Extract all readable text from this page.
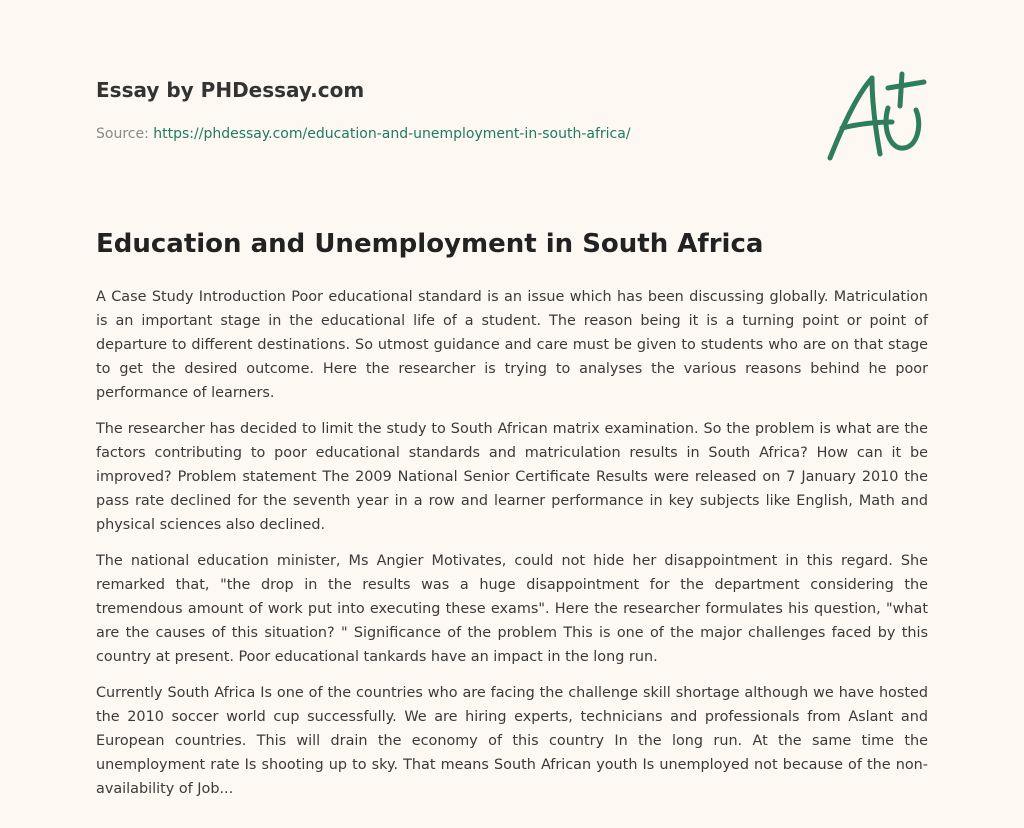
Essay by PHDessay.com
Source: https://phdessay.com/education-and-unemployment-in-south-africa/
Education and Unemployment in South Africa

A Case Study Introduction Poor educational standard is an issue which has been discussing globally. Matriculation is an important stage in the educational life of a student. The reason being it is a turning point or point of departure to different destinations. So utmost guidance and care must be given to students who are on that stage to get the desired outcome. Here the researcher is trying to analyses the various reasons behind he poor performance of learners.

The researcher has decided to limit the study to South African matrix examination. So the problem is what are the factors contributing to poor educational standards and matriculation results in South Africa? How can it be improved? Problem statement The 2009 National Senior Certificate Results were released on 7 January 2010 the pass rate declined for the seventh year in a row and learner performance in key subjects like English, Math and physical sciences also declined.

The national education minister, Ms Angier Motivates, could not hide her disappointment in this regard. She remarked that, "the drop in the results was a huge disappointment for the department considering the tremendous amount of work put into executing these exams". Here the researcher formulates his question, "what are the causes of this situation? " Significance of the problem This is one of the major challenges faced by this country at present. Poor educational tankards have an impact in the long run.

Currently South Africa Is one of the countries who are facing the challenge skill shortage although we have hosted the 2010 soccer world cup successfully. We are hiring experts, technicians and professionals from Aslant and European countries. This will drain the economy of this country In the long run. At the same time the unemployment rate Is shooting up to sky. That means South African youth Is unemployed not because of the non- availability of Job...
